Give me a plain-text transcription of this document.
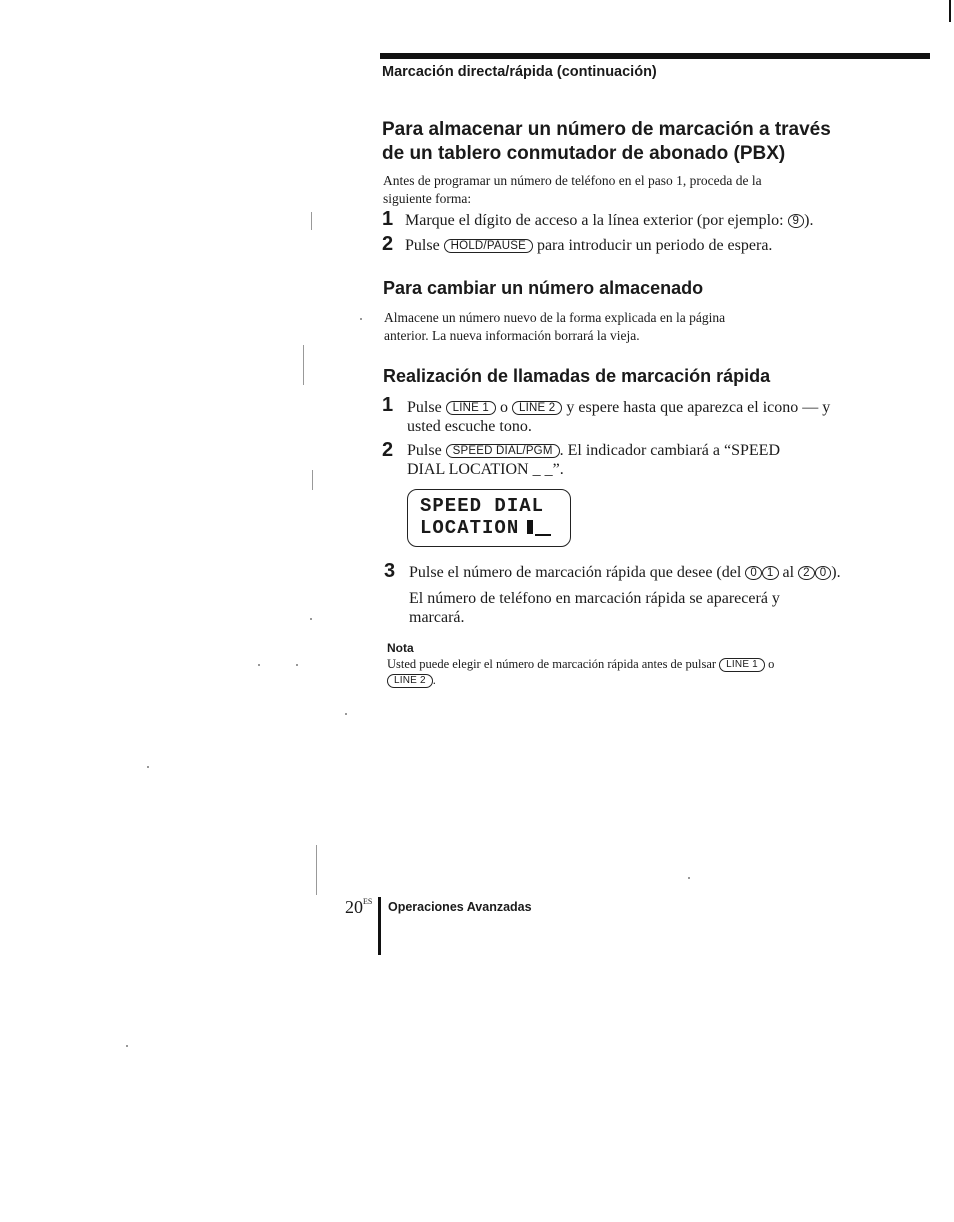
Marcación directa/rápida (continuación)
Para almacenar un número de marcación a través
de un tablero conmutador de abonado (PBX)
Antes de programar un número de teléfono en el paso 1, proceda de la
siguiente forma:
1 Marque el dígito de acceso a la línea exterior (por ejemplo: 9 ).
2 Pulse HOLD/PAUSE para introducir un periodo de espera.
Para cambiar un número almacenado
Almacene un número nuevo de la forma explicada en la página
anterior. La nueva información borrará la vieja.
Realización de llamadas de marcación rápida
1 Pulse LINE 1 o LINE 2 y espere hasta que aparezca el icono — y
usted escuche tono.
2 Pulse SPEED DIAL/PGM . El indicador cambiará a “SPEED
DIAL LOCATION _ _”.
SPEED DIAL
LOCATION
3 Pulse el número de marcación rápida que desee (del 0 1 al 2 0 ).
El número de teléfono en marcación rápida se aparecerá y
marcará.
Nota
Usted puede elegir el número de marcación rápida antes de pulsar LINE 1 o
LINE 2 .
$20^{ES}$ Operaciones Avanzadas
